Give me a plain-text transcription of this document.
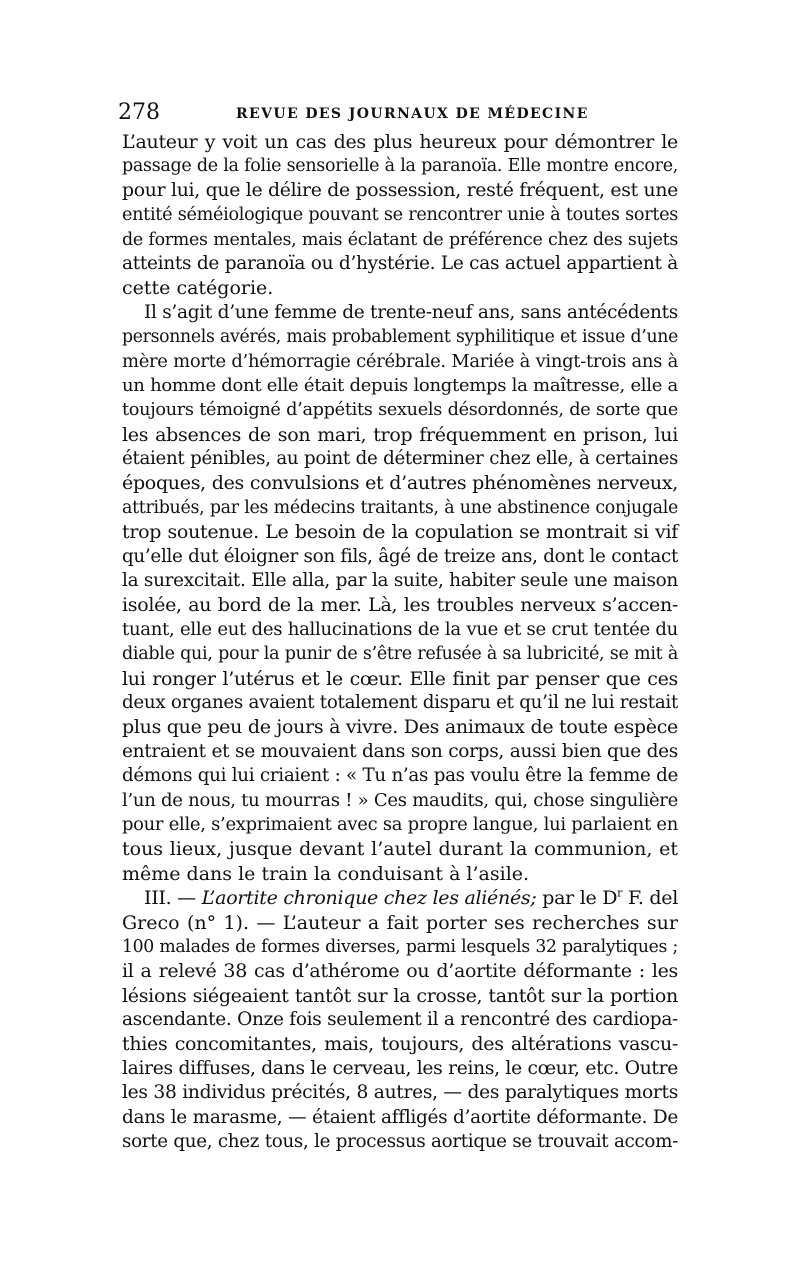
278	REVUE DES JOURNAUX DE MÉDECINE
L’auteur y voit un cas des plus heureux pour démontrer le
passage de la folie sensorielle à la paranoïa. Elle montre encore,
pour lui, que le délire de possession, resté fréquent, est une
entité séméiologique pouvant se rencontrer unie à toutes sortes
de formes mentales, mais éclatant de préférence chez des sujets
atteints de paranoïa ou d’hystérie. Le cas actuel appartient à
cette catégorie.
Il s’agit d’une femme de trente-neuf ans, sans antécédents
personnels avérés, mais probablement syphilitique et issue d’une
mère morte d’hémorragie cérébrale. Mariée à vingt-trois ans à
un homme dont elle était depuis longtemps la maîtresse, elle a
toujours témoigné d’appétits sexuels désordonnés, de sorte que
les absences de son mari, trop fréquemment en prison, lui
étaient pénibles, au point de déterminer chez elle, à certaines
époques, des convulsions et d’autres phénomènes nerveux,
attribués, par les médecins traitants, à une abstinence conjugale
trop soutenue. Le besoin de la copulation se montrait si vif
qu’elle dut éloigner son fils, âgé de treize ans, dont le contact
la surexcitait. Elle alla, par la suite, habiter seule une maison
isolée, au bord de la mer. Là, les troubles nerveux s’accen-
tuant, elle eut des hallucinations de la vue et se crut tentée du
diable qui, pour la punir de s’être refusée à sa lubricité, se mit à
lui ronger l’utérus et le cœur. Elle finit par penser que ces
deux organes avaient totalement disparu et qu’il ne lui restait
plus que peu de jours à vivre. Des animaux de toute espèce
entraient et se mouvaient dans son corps, aussi bien que des
démons qui lui criaient : « Tu n’as pas voulu être la femme de
l’un de nous, tu mourras ! » Ces maudits, qui, chose singulière
pour elle, s’exprimaient avec sa propre langue, lui parlaient en
tous lieux, jusque devant l’autel durant la communion, et
même dans le train la conduisant à l’asile.
III. — L’aortite chronique chez les aliénés; par le $D^r$ F. del
Greco (n° 1). — L’auteur a fait porter ses recherches sur
100 malades de formes diverses, parmi lesquels 32 paralytiques ;
il a relevé 38 cas d’athérome ou d’aortite déformante : les
lésions siégeaient tantôt sur la crosse, tantôt sur la portion
ascendante. Onze fois seulement il a rencontré des cardiopa-
thies concomitantes, mais, toujours, des altérations vascu-
laires diffuses, dans le cerveau, les reins, le cœur, etc. Outre
les 38 individus précités, 8 autres, — des paralytiques morts
dans le marasme, — étaient affligés d’aortite déformante. De
sorte que, chez tous, le processus aortique se trouvait accom-
